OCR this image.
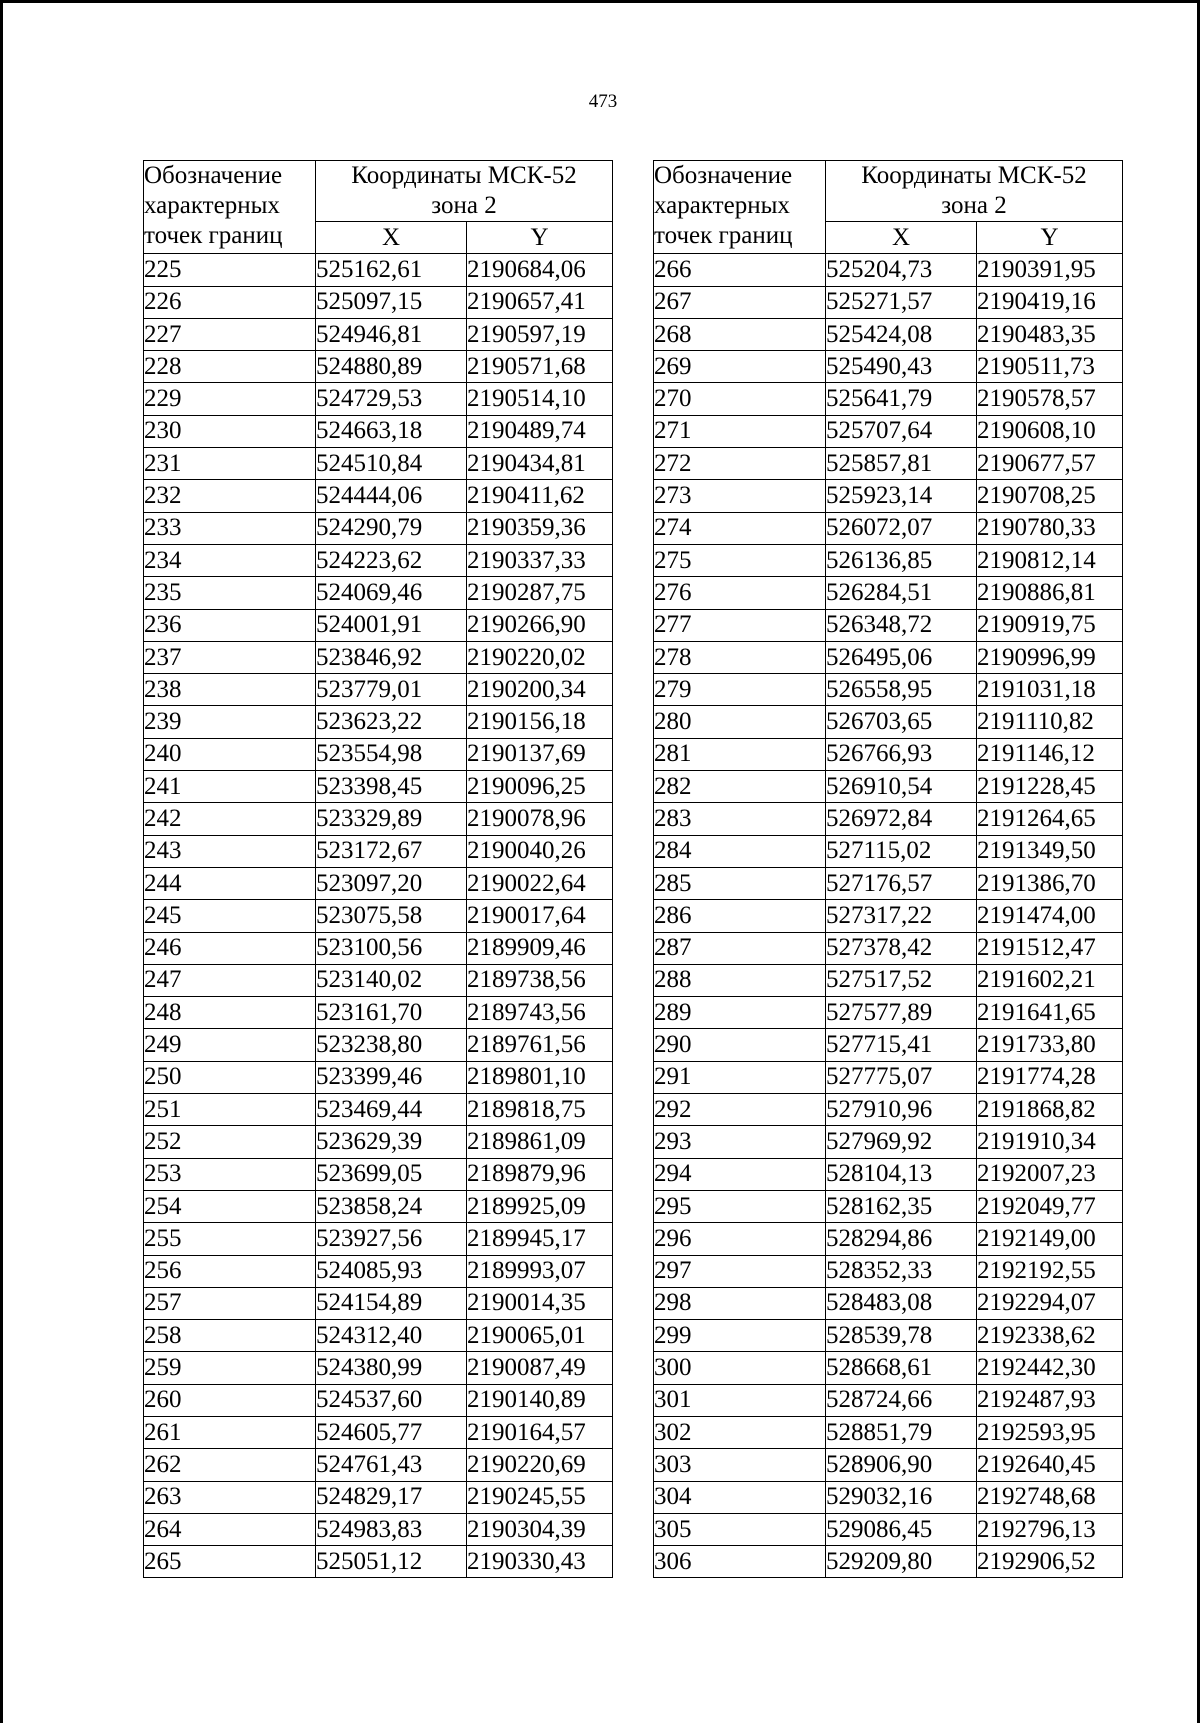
473
Обозначение
характерных
точек границ	Координаты МСК-52
зона 2	

	X	Y
225	525162,61	2190684,06
226	525097,15	2190657,41
227	524946,81	2190597,19
228	524880,89	2190571,68
229	524729,53	2190514,10
230	524663,18	2190489,74
231	524510,84	2190434,81
232	524444,06	2190411,62
233	524290,79	2190359,36
234	524223,62	2190337,33
235	524069,46	2190287,75
236	524001,91	2190266,90
237	523846,92	2190220,02
238	523779,01	2190200,34
239	523623,22	2190156,18
240	523554,98	2190137,69
241	523398,45	2190096,25
242	523329,89	2190078,96
243	523172,67	2190040,26
244	523097,20	2190022,64
245	523075,58	2190017,64
246	523100,56	2189909,46
247	523140,02	2189738,56
248	523161,70	2189743,56
249	523238,80	2189761,56
250	523399,46	2189801,10
251	523469,44	2189818,75
252	523629,39	2189861,09
253	523699,05	2189879,96
254	523858,24	2189925,09
255	523927,56	2189945,17
256	524085,93	2189993,07
257	524154,89	2190014,35
258	524312,40	2190065,01
259	524380,99	2190087,49
260	524537,60	2190140,89
261	524605,77	2190164,57
262	524761,43	2190220,69
263	524829,17	2190245,55
264	524983,83	2190304,39
265	525051,12	2190330,43
Обозначение
характерных
точек границ	Координаты МСК-52
зона 2	

	X	Y
266	525204,73	2190391,95
267	525271,57	2190419,16
268	525424,08	2190483,35
269	525490,43	2190511,73
270	525641,79	2190578,57
271	525707,64	2190608,10
272	525857,81	2190677,57
273	525923,14	2190708,25
274	526072,07	2190780,33
275	526136,85	2190812,14
276	526284,51	2190886,81
277	526348,72	2190919,75
278	526495,06	2190996,99
279	526558,95	2191031,18
280	526703,65	2191110,82
281	526766,93	2191146,12
282	526910,54	2191228,45
283	526972,84	2191264,65
284	527115,02	2191349,50
285	527176,57	2191386,70
286	527317,22	2191474,00
287	527378,42	2191512,47
288	527517,52	2191602,21
289	527577,89	2191641,65
290	527715,41	2191733,80
291	527775,07	2191774,28
292	527910,96	2191868,82
293	527969,92	2191910,34
294	528104,13	2192007,23
295	528162,35	2192049,77
296	528294,86	2192149,00
297	528352,33	2192192,55
298	528483,08	2192294,07
299	528539,78	2192338,62
300	528668,61	2192442,30
301	528724,66	2192487,93
302	528851,79	2192593,95
303	528906,90	2192640,45
304	529032,16	2192748,68
305	529086,45	2192796,13
306	529209,80	2192906,52
